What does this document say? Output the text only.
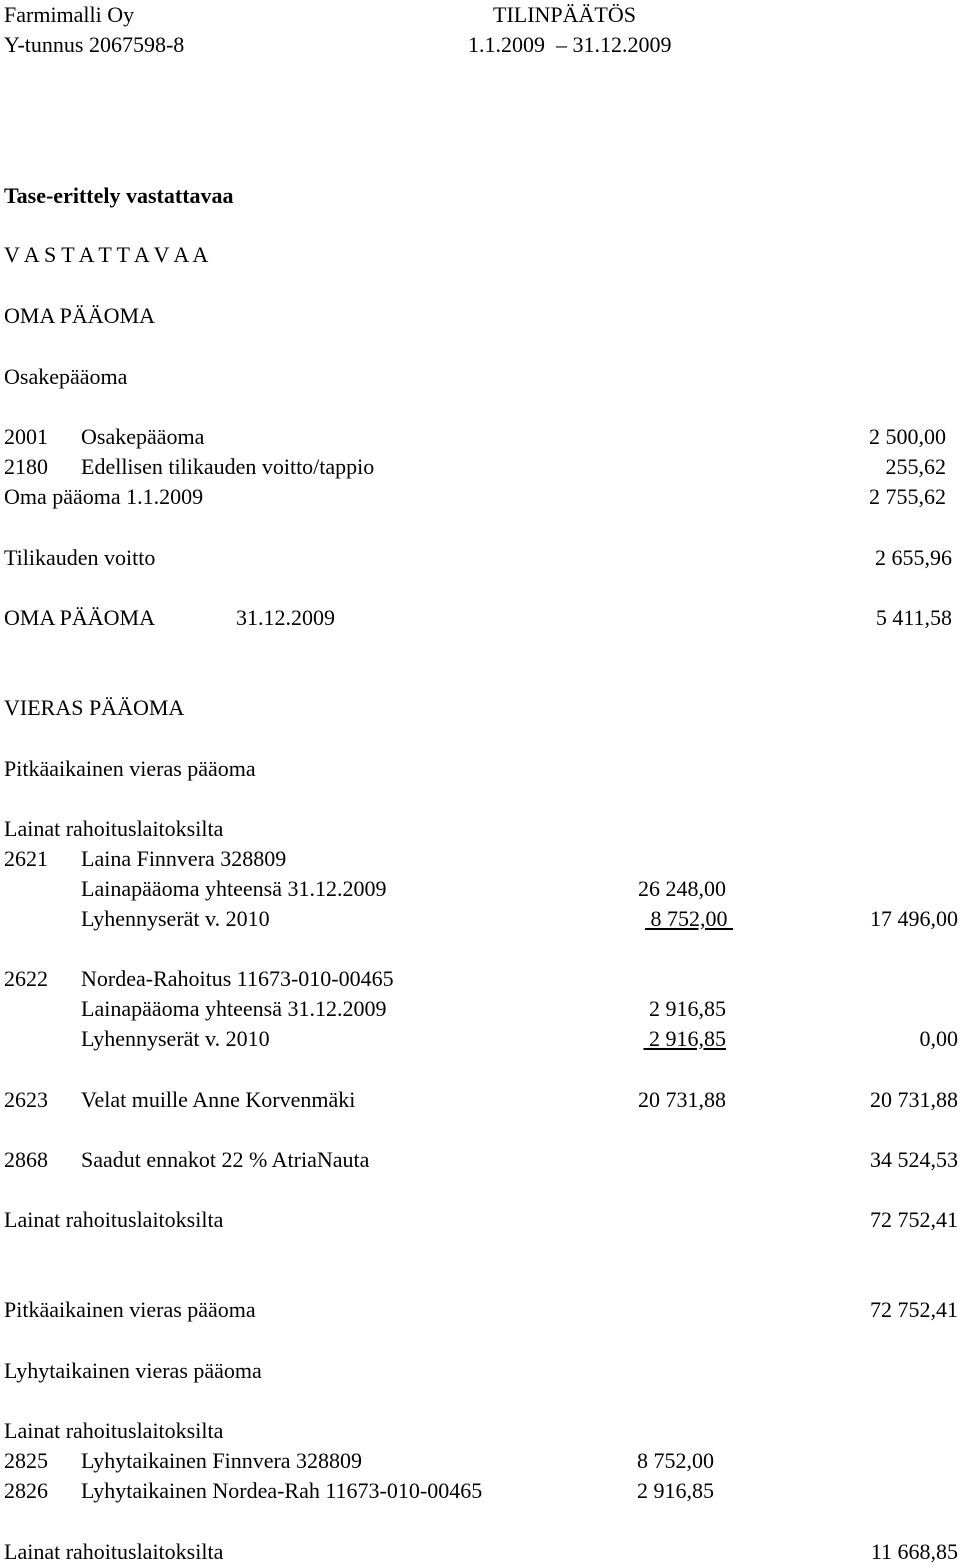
Farmimalli Oy
Y-tunnus 2067598-8
TILINPÄÄTÖS
1.1.2009  – 31.12.2009
Tase-erittely vastattavaa
V A S T A T T A V A A
OMA PÄÄOMA
Osakepääoma
2001 Osakepääoma	2 500,00
2180 Edellisen tilikauden voitto/tappio	255,62
Oma pääoma 1.1.2009	2 755,62
Tilikauden voitto	2 655,96
OMA PÄÄOMA	31.12.2009	5 411,58
VIERAS PÄÄOMA
Pitkäaikainen vieras pääoma
Lainat rahoituslaitoksilta
2621 Laina Finnvera 328809
Lainapääoma yhteensä 31.12.2009	26 248,00
Lyhennyserät v. 2010	8 752,00	17 496,00
2622 Nordea-Rahoitus 11673-010-00465
Lainapääoma yhteensä 31.12.2009	2 916,85
Lyhennyserät v. 2010	2 916,85	0,00
2623 Velat muille Anne Korvenmäki	20 731,88	20 731,88
2868 Saadut ennakot 22 % AtriaNauta	34 524,53
Lainat rahoituslaitoksilta	72 752,41
Pitkäaikainen vieras pääoma	72 752,41
Lyhytaikainen vieras pääoma
Lainat rahoituslaitoksilta
2825 Lyhytaikainen Finnvera 328809	8 752,00
2826 Lyhytaikainen Nordea-Rah 11673-010-00465	2 916,85
Lainat rahoituslaitoksilta	11 668,85
